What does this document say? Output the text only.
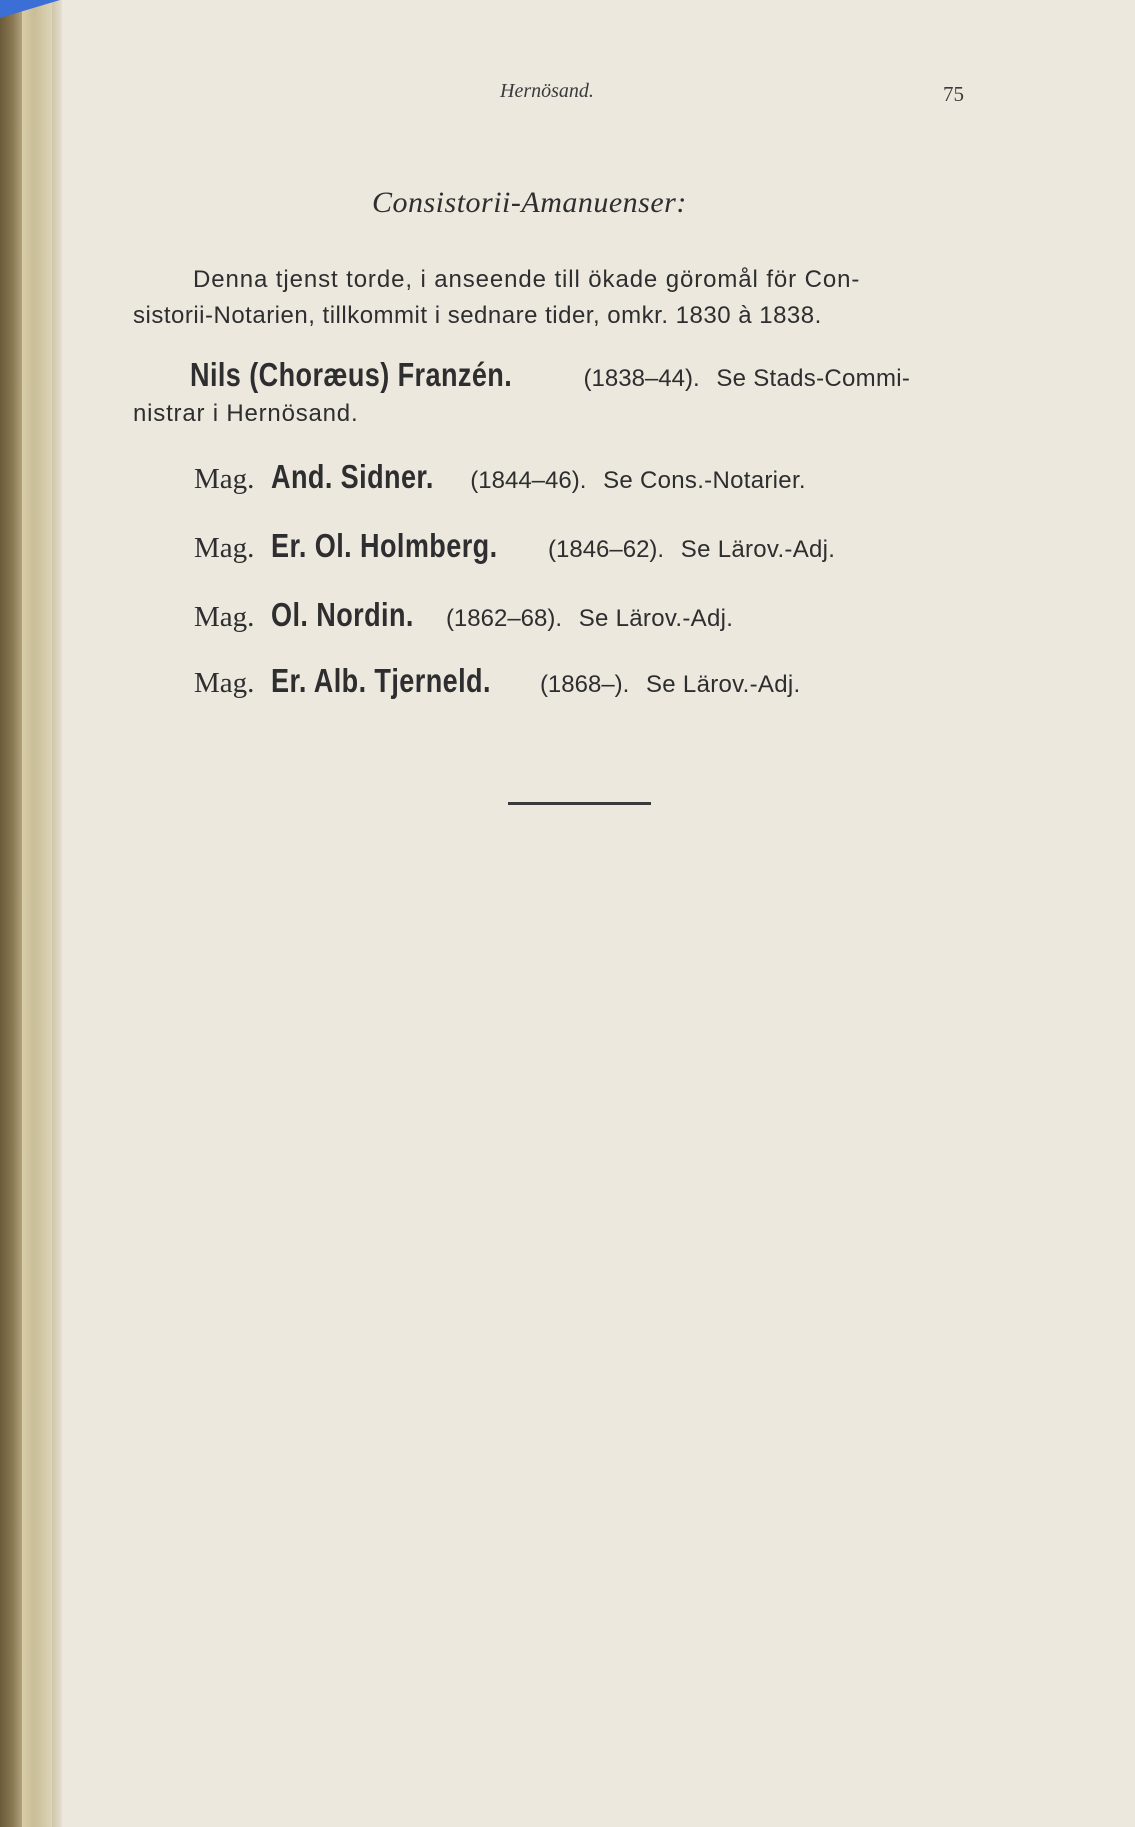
Hernösand.	75
Consistorii-Amanuenser:
Denna tjenst torde, i anseende till ökade göromål för Con-
sistorii-Notarien, tillkommit i sednare tider, omkr. 1830 à 1838.
Nils (Choræus) Franzén.	(1838–44). Se Stads-Commi-
nistrar i Hernösand.
Mag. And. Sidner. (1844–46). Se Cons.-Notarier.
Mag. Er. Ol. Holmberg. (1846–62). Se Lärov.-Adj.
Mag. Ol. Nordin. (1862–68). Se Lärov.-Adj.
Mag. Er. Alb. Tjerneld. (1868–). Se Lärov.-Adj.
